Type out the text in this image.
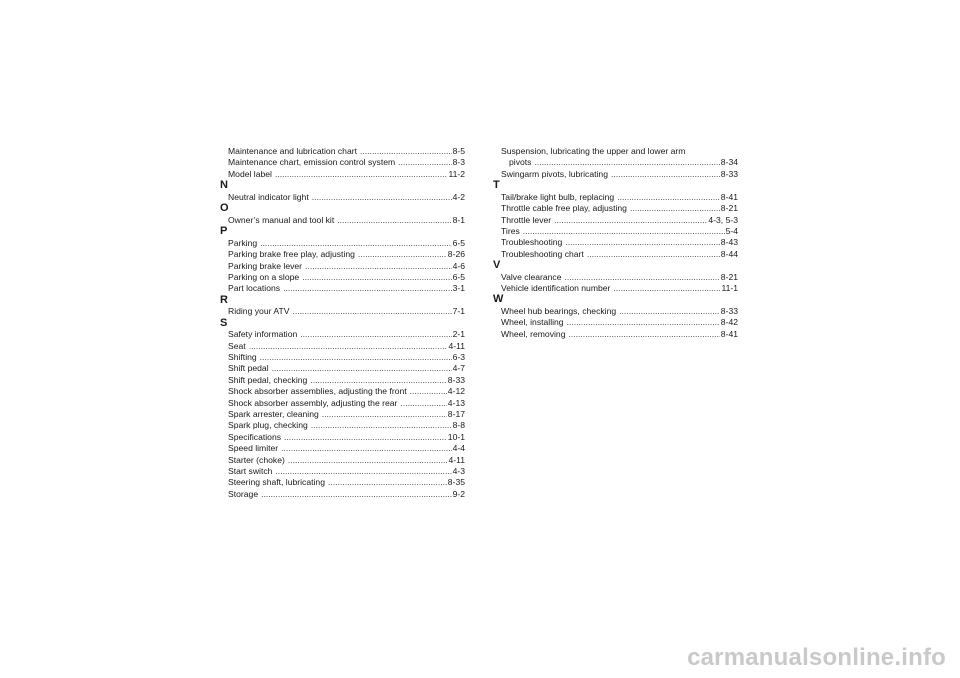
Maintenance and lubrication chart .....	8-5
Maintenance chart, emission control system .....	8-3
Model label .....	11-2
N
Neutral indicator light .....	4-2
O
Owner’s manual and tool kit .....	8-1
P
Parking .....	6-5
Parking brake free play, adjusting .....	8-26
Parking brake lever .....	4-6
Parking on a slope .....	6-5
Part locations .....	3-1
R
Riding your ATV .....	7-1
S
Safety information .....	2-1
Seat .....	4-11
Shifting .....	6-3
Shift pedal .....	4-7
Shift pedal, checking .....	8-33
Shock absorber assemblies, adjusting the front .....	4-12
Shock absorber assembly, adjusting the rear .....	4-13
Spark arrester, cleaning .....	8-17
Spark plug, checking .....	8-8
Specifications .....	10-1
Speed limiter .....	4-4
Starter (choke) .....	4-11
Start switch .....	4-3
Steering shaft, lubricating .....	8-35
Storage .....	9-2
Suspension, lubricating the upper and lower arm
pivots .....	8-34
Swingarm pivots, lubricating .....	8-33
T
Tail/brake light bulb, replacing .....	8-41
Throttle cable free play, adjusting .....	8-21
Throttle lever .....	4-3, 5-3
Tires .....	5-4
Troubleshooting .....	8-43
Troubleshooting chart .....	8-44
V
Valve clearance .....	8-21
Vehicle identification number .....	11-1
W
Wheel hub bearings, checking .....	8-33
Wheel, installing .....	8-42
Wheel, removing .....	8-41
carmanualsonline.info
